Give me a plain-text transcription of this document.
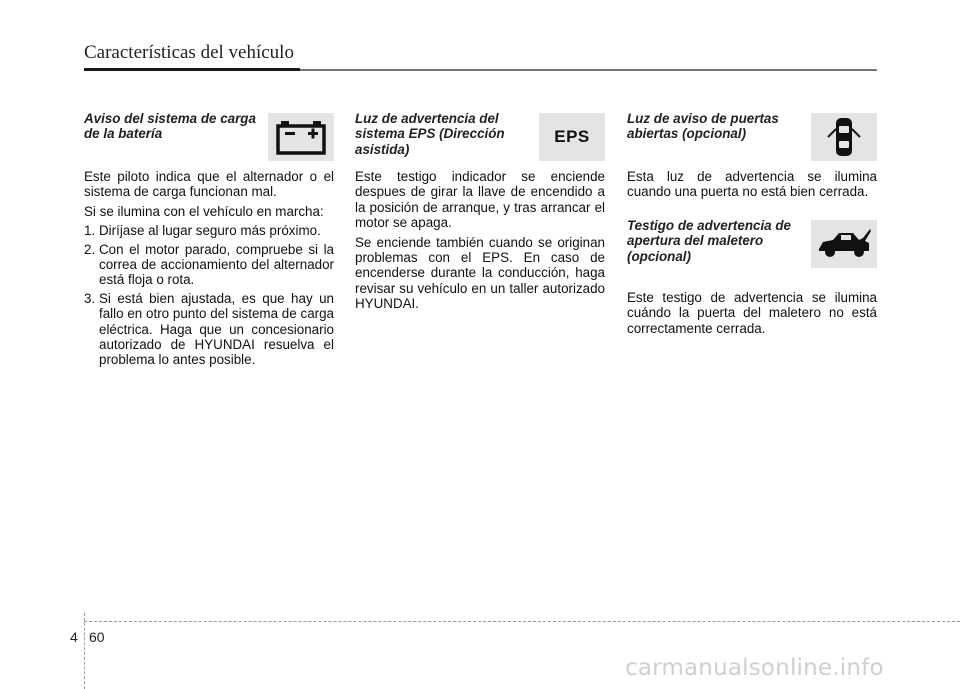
Características del vehículo
Aviso del sistema de carga de la batería

Este piloto indica que el alternador o el sistema de carga funcionan mal.

Si se ilumina con el vehículo en marcha:

1. Diríjase al lugar seguro más próximo.
2. Con el motor parado, compruebe si la correa de accionamiento del alternador está floja o rota.
3. Si está bien ajustada, es que hay un fallo en otro punto del sistema de carga eléctrica. Haga que un concesionario autorizado de HYUNDAI resuelva el problema lo antes posible.
Luz de advertencia del sistema EPS (Dirección asistida)
EPS

Este testigo indicador se enciende despues de girar la llave de encendido a la posición de arranque, y tras arrancar el motor se apaga.

Se enciende también cuando se originan problemas con el EPS. En caso de encenderse durante la conducción, haga revisar su vehículo en un taller autorizado HYUNDAI.

Luz de aviso de puertas abiertas (opcional)

Esta luz de advertencia se ilumina cuando una puerta no está bien cerrada.

Testigo de advertencia de apertura del maletero (opcional)

Este testigo de advertencia se ilumina cuándo la puerta del maletero no está correctamente cerrada.

4 60
carmanualsonline.info
